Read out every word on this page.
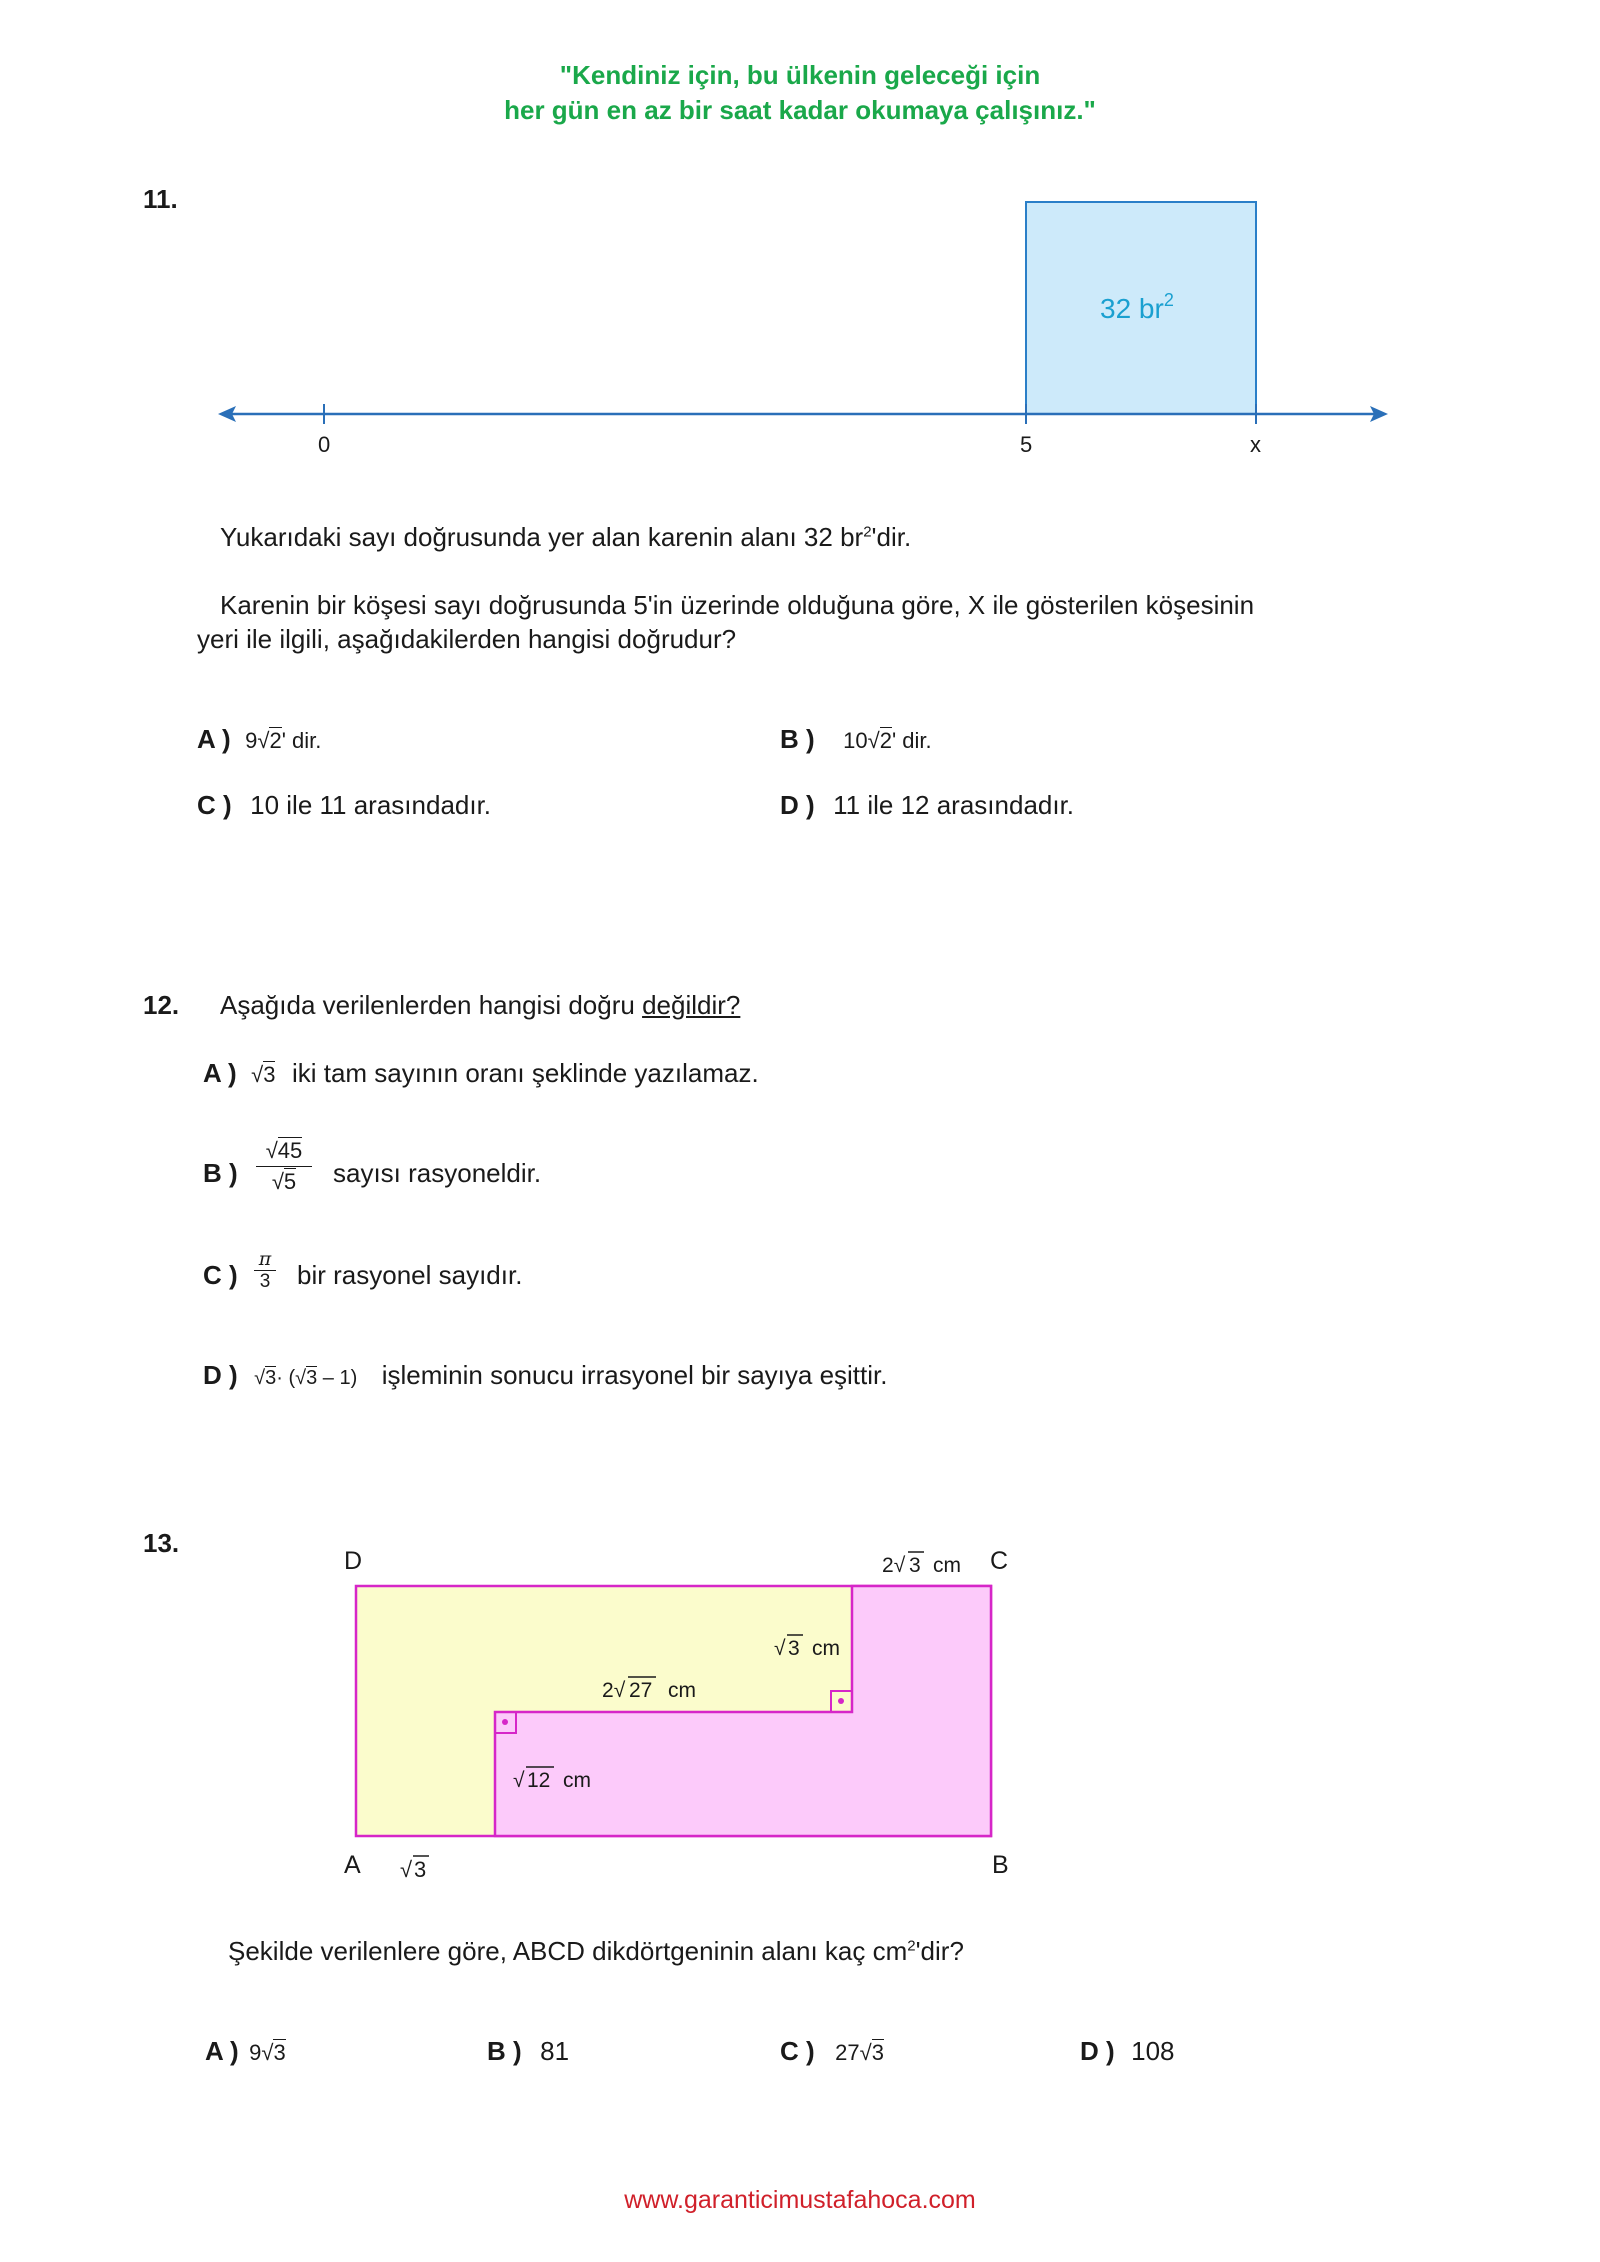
"Kendiniz için, bu ülkenin geleceği için
her gün en az bir saat kadar okumaya çalışınız."
11.
32 $br^2$
0	5	x
Yukarıdaki sayı doğrusunda yer alan karenin alanı 32 $br^2'dir$.
Karenin bir köşesi sayı doğrusunda 5'in üzerinde olduğuna göre, X ile gösterilen köşesinin
yeri ile ilgili, aşağıdakilerden hangisi doğrudur?
A ) 9√2' dir.	B ) 10√2' dir.
C ) 10 ile 11 arasındadır.	D ) 11 ile 12 arasındadır.
12. Aşağıda verilenlerden hangisi doğru değildir?
A ) √3 iki tam sayının oranı şeklinde yazılamaz.
B )
√45
√5	sayısı rasyoneldir.
C )
π
3 bir rasyonel sayıdır.
D ) √3· (√3 – 1) işleminin sonucu irrasyonel bir sayıya eşittir.
13.
D	C
A	B
2√ 3 cm
√ 3 cm
2√ 27 cm
√ 12 cm
√ 3
Şekilde verilenlere göre, ABCD dikdörtgeninin alanı kaç $cm^2'dir$?
A ) 9√3	B ) 81	C ) 27√3	D ) 108
www.garanticimustafahoca.com
